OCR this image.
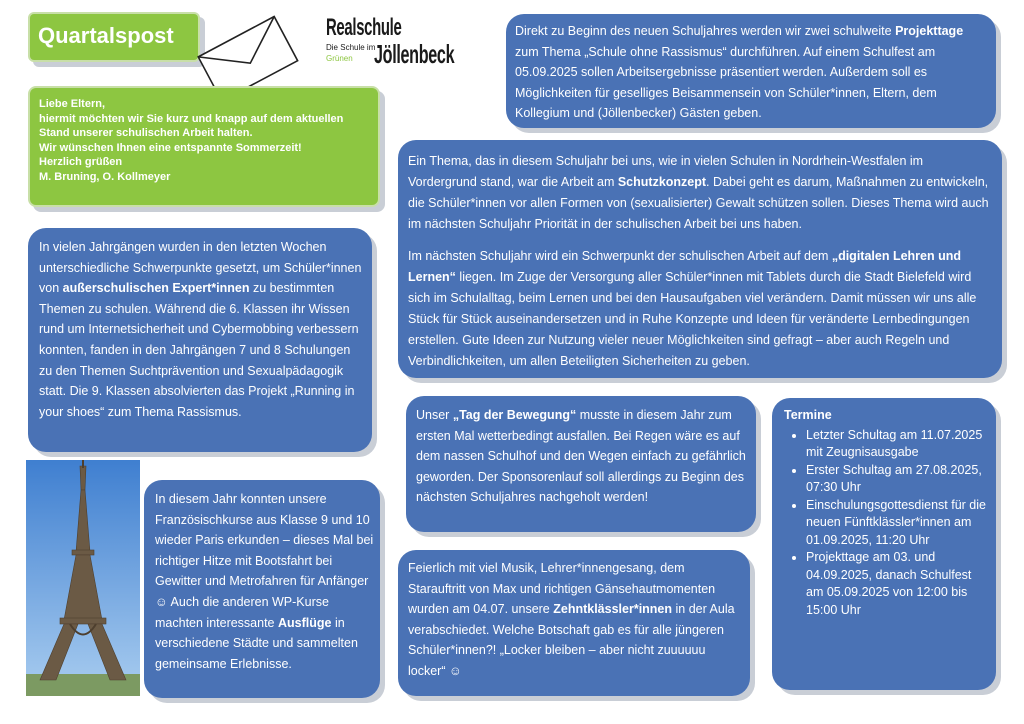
Quartalspost	Realschule
Die Schule im
Grünen Jöllenbeck
Liebe Eltern,
hiermit möchten wir Sie kurz und knapp auf dem aktuellen
Stand unserer schulischen Arbeit halten.
Wir wünschen Ihnen eine entspannte Sommerzeit!
Herzlich grüßen
M. Bruning, O. Kollmeyer

Direkt zu Beginn des neuen Schuljahres werden wir zwei schulweite Projekttage zum Thema „Schule ohne Rassismus“ durchführen. Auf einem Schulfest am 05.09.2025 sollen Arbeitsergebnisse präsentiert werden. Außerdem soll es Möglichkeiten für geselliges Beisammensein von Schüler*innen, Eltern, dem Kollegium und (Jöllenbecker) Gästen geben.

Ein Thema, das in diesem Schuljahr bei uns, wie in vielen Schulen in Nordrhein-Westfalen im Vordergrund stand, war die Arbeit am Schutzkonzept. Dabei geht es darum, Maßnahmen zu entwickeln, die Schüler*innen vor allen Formen von (sexualisierter) Gewalt schützen sollen. Dieses Thema wird auch im nächsten Schuljahr Priorität in der schulischen Arbeit bei uns haben.

Im nächsten Schuljahr wird ein Schwerpunkt der schulischen Arbeit auf dem „digitalen Lehren und Lernen“ liegen. Im Zuge der Versorgung aller Schüler*innen mit Tablets durch die Stadt Bielefeld wird sich im Schulalltag, beim Lernen und bei den Hausaufgaben viel verändern. Damit müssen wir uns alle Stück für Stück auseinandersetzen und in Ruhe Konzepte und Ideen für veränderte Lernbedingungen erstellen. Gute Ideen zur Nutzung vieler neuer Möglichkeiten sind gefragt – aber auch Regeln und Verbindlichkeiten, um allen Beteiligten Sicherheiten zu geben.

In vielen Jahrgängen wurden in den letzten Wochen unterschiedliche Schwerpunkte gesetzt, um Schüler*innen von außerschulischen Expert*innen zu bestimmten Themen zu schulen. Während die 6. Klassen ihr Wissen rund um Internetsicherheit und Cybermobbing verbessern konnten, fanden in den Jahrgängen 7 und 8 Schulungen zu den Themen Suchtprävention und Sexualpädagogik statt. Die 9. Klassen absolvierten das Projekt „Running in your shoes“ zum Thema Rassismus.

In diesem Jahr konnten unsere Französischkurse aus Klasse 9 und 10 wieder Paris erkunden – dieses Mal bei richtiger Hitze mit Bootsfahrt bei Gewitter und Metrofahren für Anfänger ☺ Auch die anderen WP-Kurse machten interessante Ausflüge in verschiedene Städte und sammelten gemeinsame Erlebnisse.

Unser „Tag der Bewegung“ musste in diesem Jahr zum ersten Mal wetterbedingt ausfallen. Bei Regen wäre es auf dem nassen Schulhof und den Wegen einfach zu gefährlich geworden. Der Sponsorenlauf soll allerdings zu Beginn des nächsten Schuljahres nachgeholt werden!

Feierlich mit viel Musik, Lehrer*innengesang, dem Starauftritt von Max und richtigen Gänsehautmomenten wurden am 04.07. unsere Zehntklässler*innen in der Aula verabschiedet. Welche Botschaft gab es für alle jüngeren Schüler*innen?! „Locker bleiben – aber nicht zuuuuuu locker“ ☺

Termine
• Letzter Schultag am 11.07.2025 mit Zeugnisausgabe
• Erster Schultag am 27.08.2025, 07:30 Uhr
• Einschulungsgottesdienst für die neuen Fünftklässler*innen am 01.09.2025, 11:20 Uhr
• Projekttage am 03. und 04.09.2025, danach Schulfest am 05.09.2025 von 12:00 bis 15:00 Uhr
